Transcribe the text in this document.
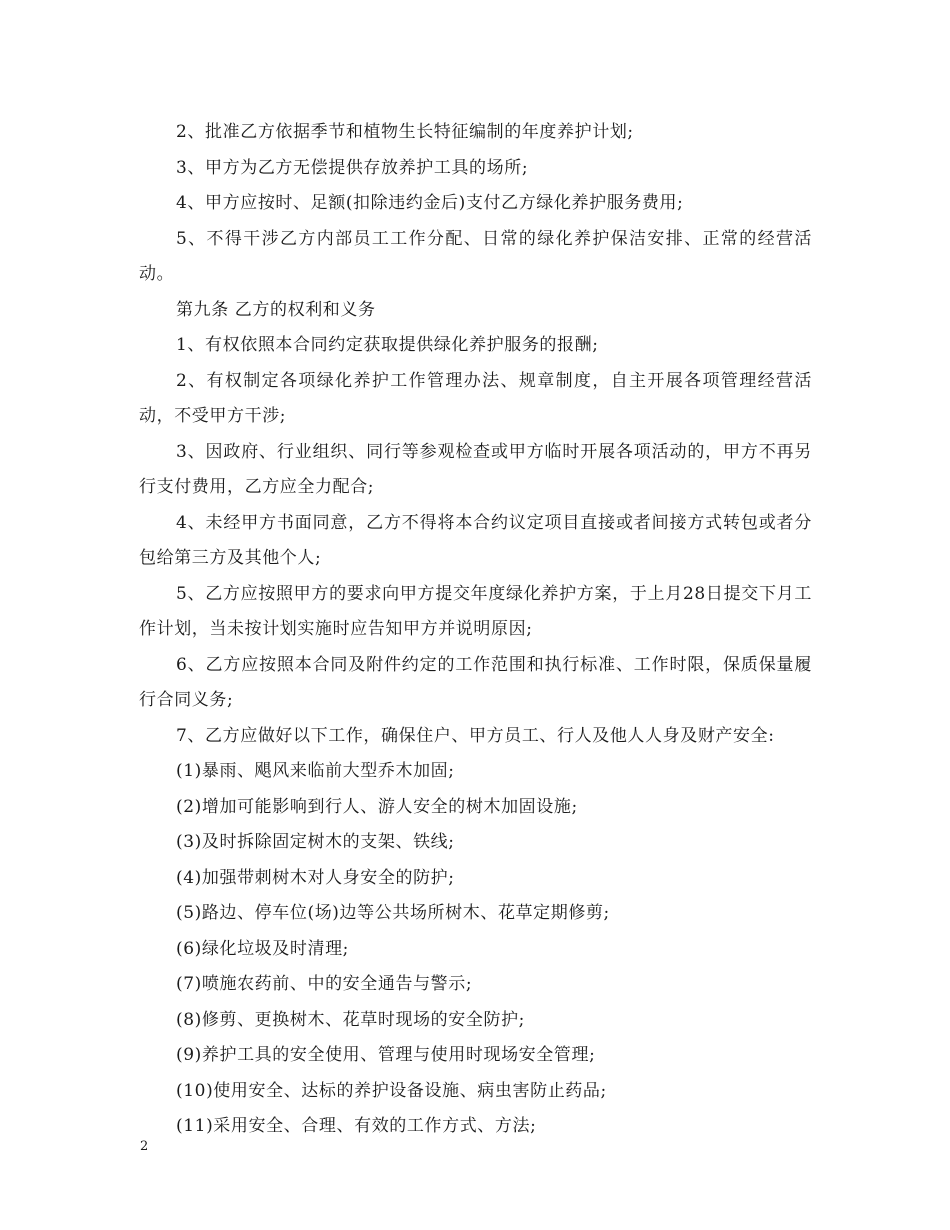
2、批准乙方依据季节和植物生长特征编制的年度养护计划;

3、甲方为乙方无偿提供存放养护工具的场所;

4、甲方应按时、足额(扣除违约金后)支付乙方绿化养护服务费用;

5、不得干涉乙方内部员工工作分配、日常的绿化养护保洁安排、正常的经营活动。

第九条 乙方的权利和义务

1、有权依照本合同约定获取提供绿化养护服务的报酬;

2、有权制定各项绿化养护工作管理办法、规章制度，自主开展各项管理经营活动，不受甲方干涉;

3、因政府、行业组织、同行等参观检查或甲方临时开展各项活动的，甲方不再另行支付费用，乙方应全力配合;

4、未经甲方书面同意，乙方不得将本合约议定项目直接或者间接方式转包或者分包给第三方及其他个人;

5、乙方应按照甲方的要求向甲方提交年度绿化养护方案，于上月28日提交下月工作计划，当未按计划实施时应告知甲方并说明原因;

6、乙方应按照本合同及附件约定的工作范围和执行标准、工作时限，保质保量履行合同义务;

7、乙方应做好以下工作，确保住户、甲方员工、行人及他人人身及财产安全:

(1)暴雨、飓风来临前大型乔木加固;

(2)增加可能影响到行人、游人安全的树木加固设施;

(3)及时拆除固定树木的支架、铁线;

(4)加强带刺树木对人身安全的防护;

(5)路边、停车位(场)边等公共场所树木、花草定期修剪;

(6)绿化垃圾及时清理;

(7)喷施农药前、中的安全通告与警示;

(8)修剪、更换树木、花草时现场的安全防护;

(9)养护工具的安全使用、管理与使用时现场安全管理;

(10)使用安全、达标的养护设备设施、病虫害防止药品;

(11)采用安全、合理、有效的工作方式、方法;

2
